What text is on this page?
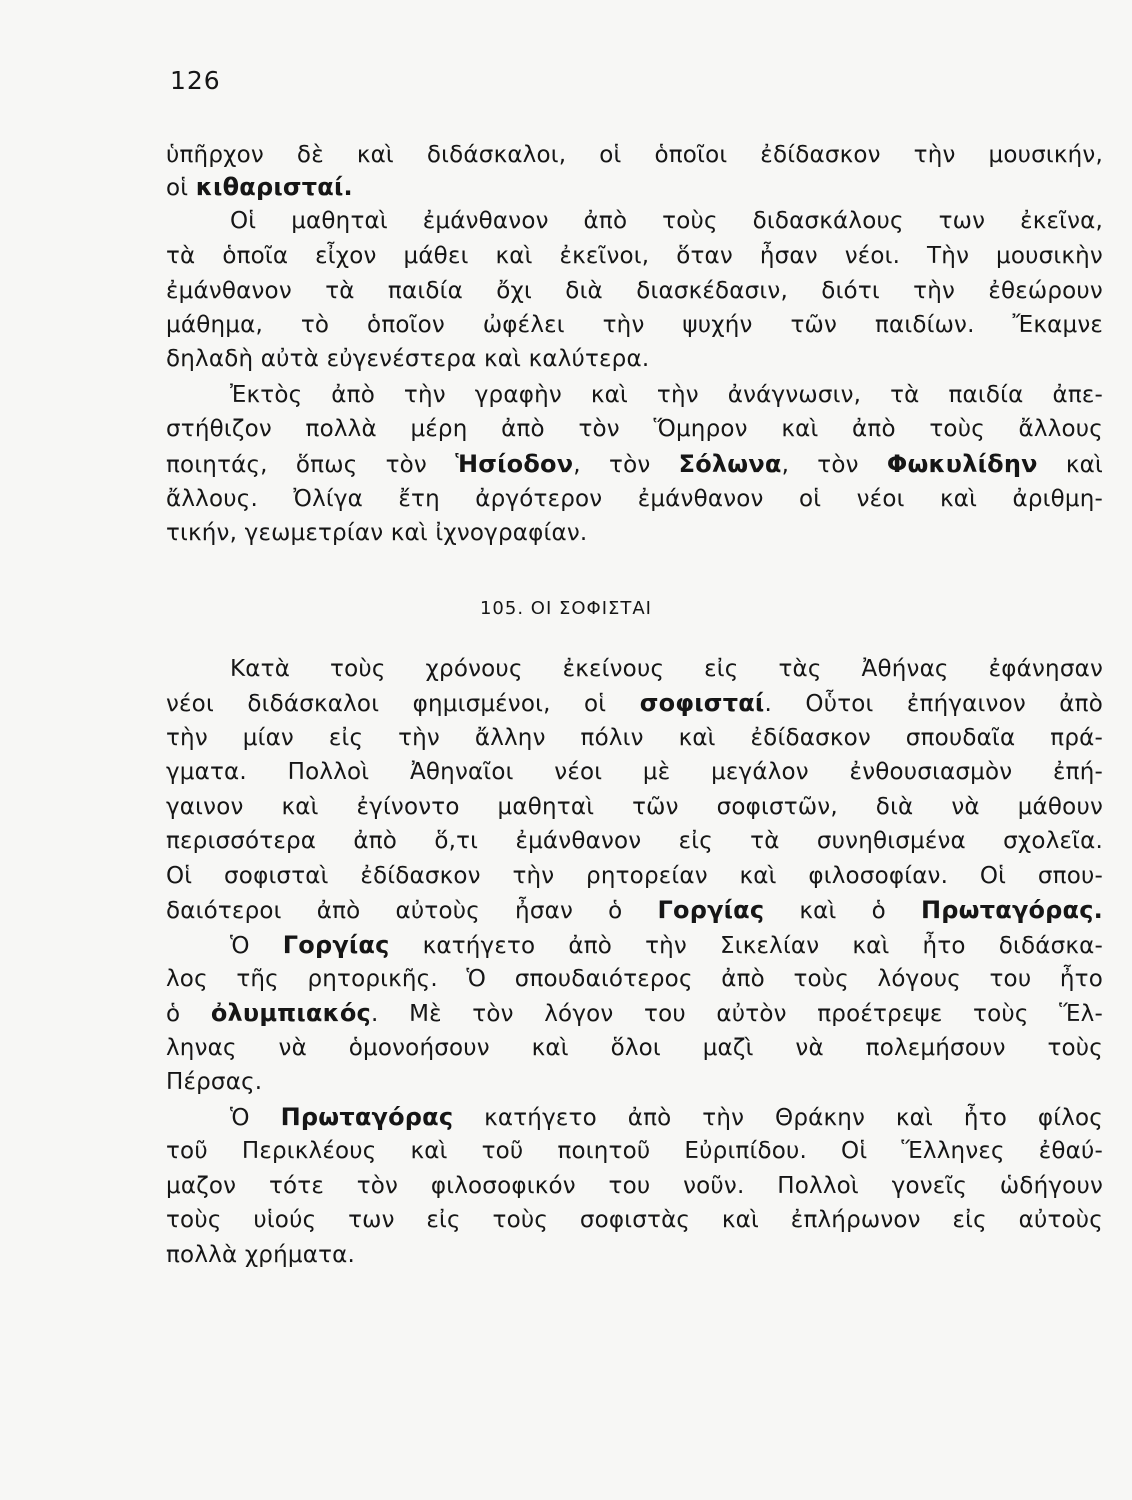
126
ὑπῆρχον δὲ καὶ διδάσκαλοι, οἱ ὁποῖοι ἐδίδασκον τὴν μουσικήν,
οἱ κιθαρισταί.
Οἱ μαθηταὶ ἐμάνθανον ἀπὸ τοὺς διδασκάλους των ἐκεῖνα,
τὰ ὁποῖα εἶχον μάθει καὶ ἐκεῖνοι, ὅταν ἦσαν νέοι. Τὴν μουσικὴν
ἐμάνθανον τὰ παιδία ὄχι διὰ διασκέδασιν, διότι τὴν ἐθεώρουν
μάθημα, τὸ ὁποῖον ὠφέλει τὴν ψυχήν τῶν παιδίων. Ἔκαμνε
δηλαδὴ αὐτὰ εὐγενέστερα καὶ καλύτερα.
Ἐκτὸς ἀπὸ τὴν γραφὴν καὶ τὴν ἀνάγνωσιν, τὰ παιδία ἀπε-
στήθιζον πολλὰ μέρη ἀπὸ τὸν Ὅμηρον καὶ ἀπὸ τοὺς ἄλλους
ποιητάς, ὅπως τὸν Ἡσίοδον, τὸν Σόλωνα, τὸν Φωκυλίδην καὶ
ἄλλους. Ὀλίγα ἔτη ἀργότερον ἐμάνθανον οἱ νέοι καὶ ἀριθμη-
τικήν, γεωμετρίαν καὶ ἰχνογραφίαν.
105. ΟΙ ΣΟΦΙΣΤΑΙ
Κατὰ τοὺς χρόνους ἐκείνους εἰς τὰς Ἀθήνας ἐφάνησαν
νέοι διδάσκαλοι φημισμένοι, οἱ σοφισταί. Οὗτοι ἐπήγαινον ἀπὸ
τὴν μίαν εἰς τὴν ἄλλην πόλιν καὶ ἐδίδασκον σπουδαῖα πρά-
γματα. Πολλοὶ Ἀθηναῖοι νέοι μὲ μεγάλον ἐνθουσιασμὸν ἐπή-
γαινον καὶ ἐγίνοντο μαθηταὶ τῶν σοφιστῶν, διὰ νὰ μάθουν
περισσότερα ἀπὸ ὅ,τι ἐμάνθανον εἰς τὰ συνηθισμένα σχολεῖα.
Οἱ σοφισταὶ ἐδίδασκον τὴν ρητορείαν καὶ φιλοσοφίαν. Οἱ σπου-
δαιότεροι ἀπὸ αὐτοὺς ἦσαν ὁ Γοργίας καὶ ὁ Πρωταγόρας.
Ὁ Γοργίας κατήγετο ἀπὸ τὴν Σικελίαν καὶ ἦτο διδάσκα-
λος τῆς ρητορικῆς. Ὁ σπουδαιότερος ἀπὸ τοὺς λόγους του ἦτο
ὁ ὀλυμπιακός. Μὲ τὸν λόγον του αὐτὸν προέτρεψε τοὺς Ἕλ-
ληνας νὰ ὁμονοήσουν καὶ ὅλοι μαζὶ νὰ πολεμήσουν τοὺς
Πέρσας.
Ὁ Πρωταγόρας κατήγετο ἀπὸ τὴν Θράκην καὶ ἦτο φίλος
τοῦ Περικλέους καὶ τοῦ ποιητοῦ Εὐριπίδου. Οἱ Ἕλληνες ἐθαύ-
μαζον τότε τὸν φιλοσοφικόν του νοῦν. Πολλοὶ γονεῖς ὡδήγουν
τοὺς υἱούς των εἰς τοὺς σοφιστὰς καὶ ἐπλήρωνον εἰς αὐτοὺς
πολλὰ χρήματα.
